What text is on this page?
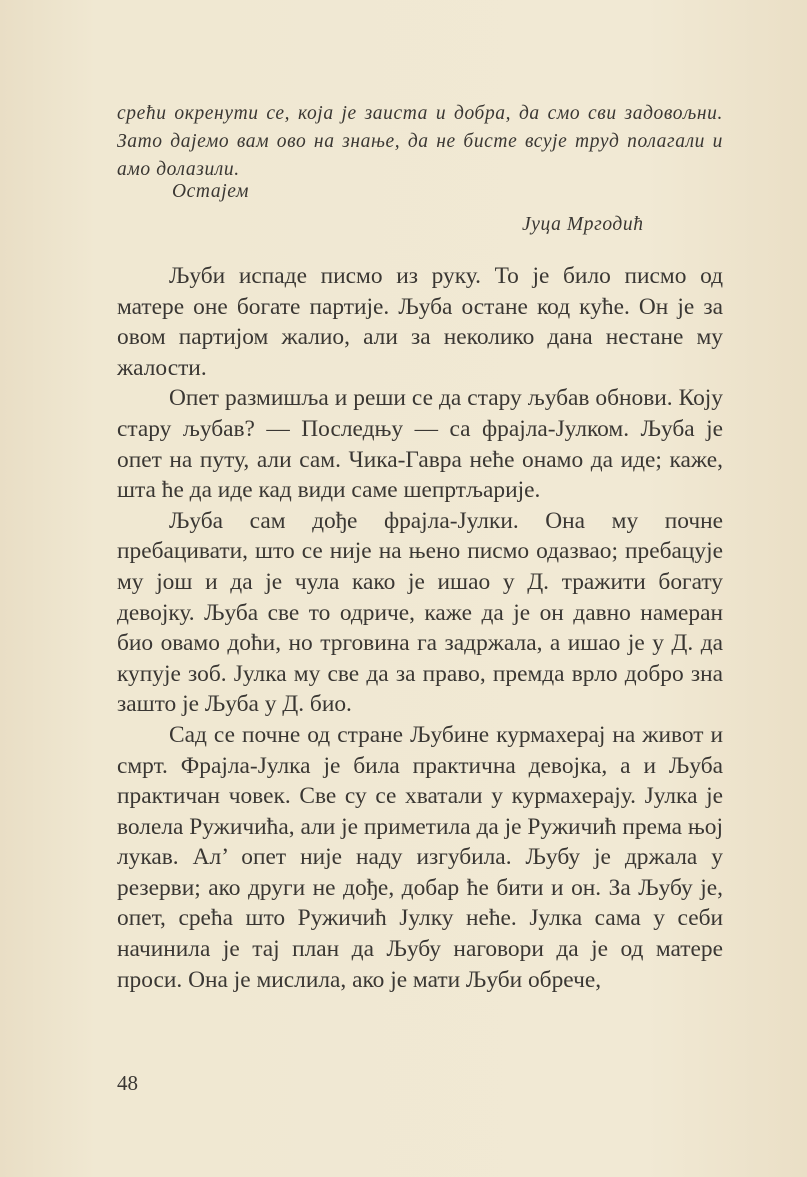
срећи окренути се, која је заиста и добра, да смо сви задовољни. Зато дајемо вам ово на знање, да не бисте всује труд полагали и амо долазили.

Остајем
Јуца Мргодић

Љуби испаде писмо из руку. То је било писмо од матере оне богате партије. Љуба остане код куће. Он је за овом партијом жалио, али за неколико дана нестане му жалости.

Опет размишља и реши се да стару љубав обнови. Коју стару љубав? — Последњу — са фрајла-Јулком. Љуба је опет на путу, али сам. Чика-Гавра неће онамо да иде; каже, шта ће да иде кад види саме шепртљарије.

Љуба сам дође фрајла-Јулки. Она му почне пребацивати, што се није на њено писмо одазвао; пребацује му још и да је чула како је ишао у Д. тражити богату девојку. Љуба све то одриче, каже да је он давно намеран био овамо доћи, но трговина га задржала, а ишао је у Д. да купује зоб. Јулка му све да за право, премда врло добро зна зашто је Љуба у Д. био.

Сад се почне од стране Љубине курмахерај на живот и смрт. Фрајла-Јулка је била практична девојка, а и Љуба практичан човек. Све су се хватали у курмахерају. Јулка је волела Ружичића, али је приметила да је Ружичић према њој лукав. Ал’ опет није наду изгубила. Љубу је држала у резерви; ако други не дође, добар ће бити и он. За Љубу је, опет, срећа што Ружичић Јулку неће. Јулка сама у себи начинила је тај план да Љубу наговори да је од матере проси. Она је мислила, ако је мати Љуби обрече,

48
